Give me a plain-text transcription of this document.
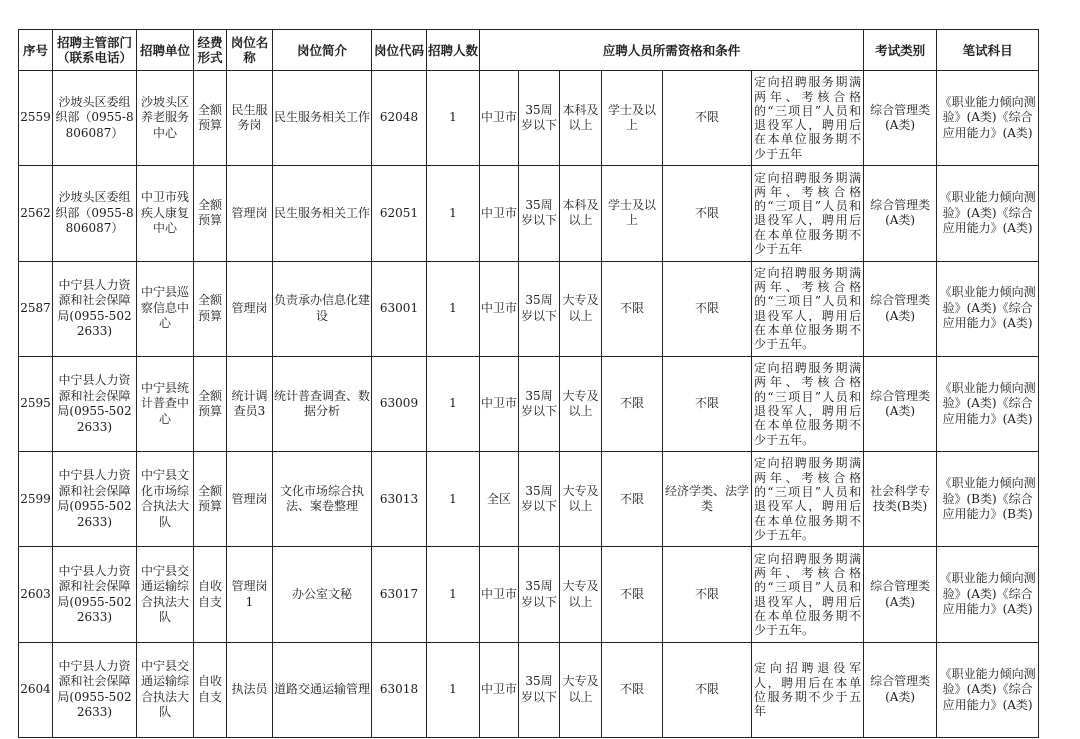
序号	招聘主管部门（联系电话）	招聘单位	经费形式	岗位名称	岗位简介	岗位代码	招聘人数	应聘人员所需资格和条件						考试类别	笔试科目
2559	沙坡头区委组织部（0955-8806087）	沙坡头区养老服务中心	全额预算	民生服务岗	民生服务相关工作	62048	1	中卫市	35周岁以下	本科及以上	学士及以上	不限	定向招聘服务期满两年、考核合格的“三项目”人员和退役军人，聘用后在本单位服务期不少于五年	综合管理类(A类)	《职业能力倾向测验》(A类)《综合应用能力》(A类)
2562	沙坡头区委组织部（0955-8806087）	中卫市残疾人康复中心	全额预算	管理岗	民生服务相关工作	62051	1	中卫市	35周岁以下	本科及以上	学士及以上	不限	定向招聘服务期满两年、考核合格的“三项目”人员和退役军人，聘用后在本单位服务期不少于五年	综合管理类(A类)	《职业能力倾向测验》(A类)《综合应用能力》(A类)
2587	中宁县人力资源和社会保障局(0955-5022633)	中宁县巡察信息中心	全额预算	管理岗	负责承办信息化建设	63001	1	中卫市	35周岁以下	大专及以上	不限	不限	定向招聘服务期满两年、考核合格的“三项目”人员和退役军人，聘用后在本单位服务期不少于五年。	综合管理类(A类)	《职业能力倾向测验》(A类)《综合应用能力》(A类)
2595	中宁县人力资源和社会保障局(0955-5022633)	中宁县统计普查中心	全额预算	统计调查员3	统计普查调查、数据分析	63009	1	中卫市	35周岁以下	大专及以上	不限	不限	定向招聘服务期满两年、考核合格的“三项目”人员和退役军人，聘用后在本单位服务期不少于五年。	综合管理类(A类)	《职业能力倾向测验》(A类)《综合应用能力》(A类)
2599	中宁县人力资源和社会保障局(0955-5022633)	中宁县文化市场综合执法大队	全额预算	管理岗	文化市场综合执法、案卷整理	63013	1	全区	35周岁以下	大专及以上	不限	经济学类、法学类	定向招聘服务期满两年、考核合格的“三项目”人员和退役军人，聘用后在本单位服务期不少于五年。	社会科学专技类(B类)	《职业能力倾向测验》(B类)《综合应用能力》(B类)
2603	中宁县人力资源和社会保障局(0955-5022633)	中宁县交通运输综合执法大队	自收自支	管理岗1	办公室文秘	63017	1	中卫市	35周岁以下	大专及以上	不限	不限	定向招聘服务期满两年、考核合格的“三项目”人员和退役军人，聘用后在本单位服务期不少于五年。	综合管理类(A类)	《职业能力倾向测验》(A类)《综合应用能力》(A类)
2604	中宁县人力资源和社会保障局(0955-5022633)	中宁县交通运输综合执法大队	自收自支	执法员	道路交通运输管理	63018	1	中卫市	35周岁以下	大专及以上	不限	不限	定向招聘退役军人，聘用后在本单位服务期不少于五年	综合管理类(A类)	《职业能力倾向测验》(A类)《综合应用能力》(A类)
